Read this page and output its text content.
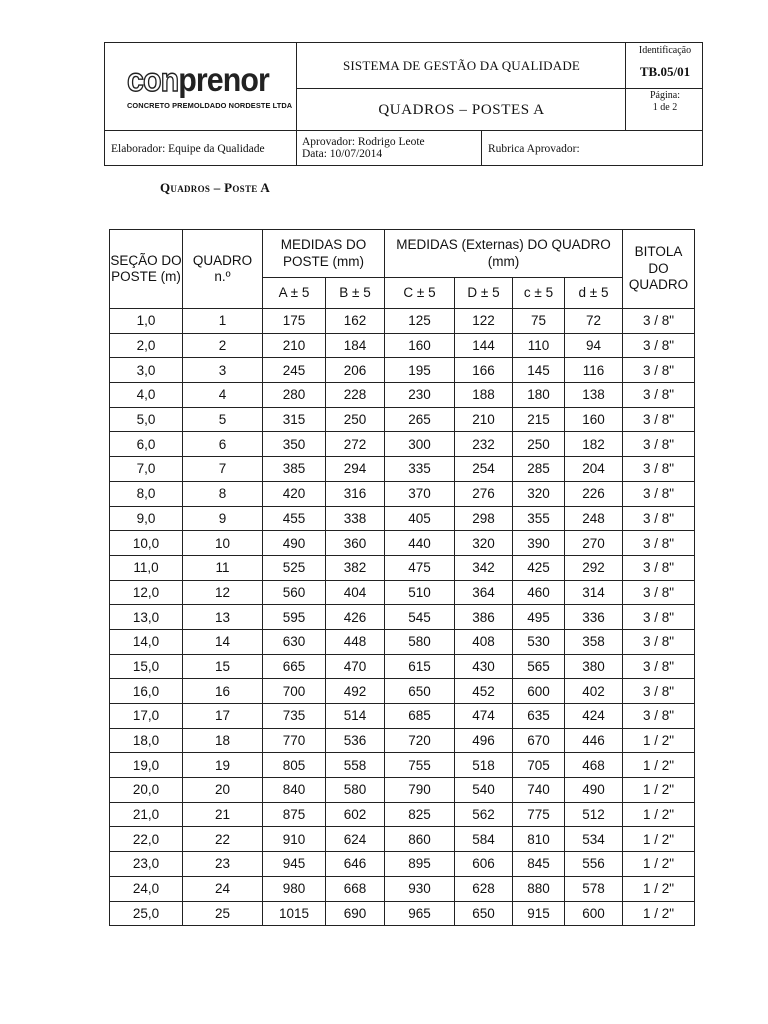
conprenor
CONCRETO PREMOLDADO NORDESTE LTDA
SISTEMA DE GESTÃO DA QUALIDADE
QUADROS – POSTES A
Identificação
TB.05/01
Página:
1 de 2
Elaborador: Equipe da Qualidade
Aprovador: Rodrigo Leote
Data: 10/07/2014	Rubrica Aprovador:
Quadros – Poste A
SEÇÃO DO POSTE (m)	QUADRO n.º	MEDIDAS DO POSTE (mm)		MEDIDAS (Externas) DO QUADRO (mm)				BITOLA DO QUADRO
		A ± 5	B ± 5	C ± 5	D ± 5	c ± 5	d ± 5	
1,0	1	175	162	125	122	75	72	3 / 8"
2,0	2	210	184	160	144	110	94	3 / 8"
3,0	3	245	206	195	166	145	116	3 / 8"
4,0	4	280	228	230	188	180	138	3 / 8"
5,0	5	315	250	265	210	215	160	3 / 8"
6,0	6	350	272	300	232	250	182	3 / 8"
7,0	7	385	294	335	254	285	204	3 / 8"
8,0	8	420	316	370	276	320	226	3 / 8"
9,0	9	455	338	405	298	355	248	3 / 8"
10,0	10	490	360	440	320	390	270	3 / 8"
11,0	11	525	382	475	342	425	292	3 / 8"
12,0	12	560	404	510	364	460	314	3 / 8"
13,0	13	595	426	545	386	495	336	3 / 8"
14,0	14	630	448	580	408	530	358	3 / 8"
15,0	15	665	470	615	430	565	380	3 / 8"
16,0	16	700	492	650	452	600	402	3 / 8"
17,0	17	735	514	685	474	635	424	3 / 8"
18,0	18	770	536	720	496	670	446	1 / 2"
19,0	19	805	558	755	518	705	468	1 / 2"
20,0	20	840	580	790	540	740	490	1 / 2"
21,0	21	875	602	825	562	775	512	1 / 2"
22,0	22	910	624	860	584	810	534	1 / 2"
23,0	23	945	646	895	606	845	556	1 / 2"
24,0	24	980	668	930	628	880	578	1 / 2"
25,0	25	1015	690	965	650	915	600	1 / 2"
